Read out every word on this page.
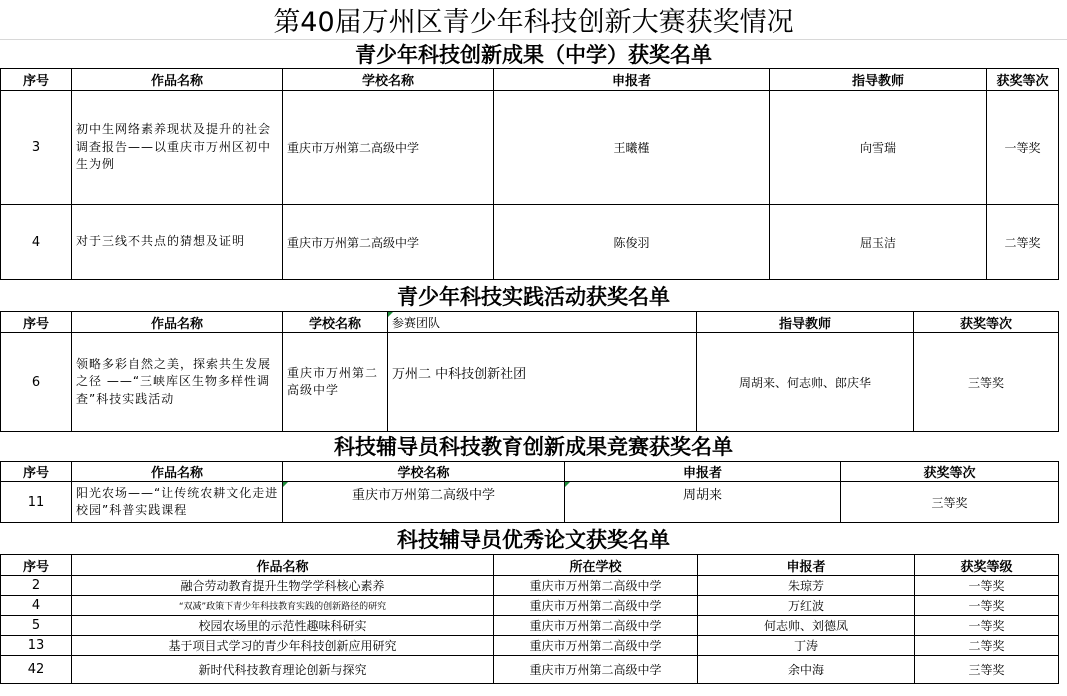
第40届万州区青少年科技创新大赛获奖情况
青少年科技创新成果（中学）获奖名单
序号	作品名称	学校名称	申报者	指导教师	获奖等次
3	初中生网络素养现状及提升的社会调查报告——以重庆市万州区初中生为例	重庆市万州第二高级中学	王曦槿	向雪瑞	一等奖
4	对于三线不共点的猜想及证明	重庆市万州第二高级中学	陈俊羽	屈玉洁	二等奖
青少年科技实践活动获奖名单
序号	作品名称	学校名称	参赛团队	指导教师	获奖等次
6	领略多彩自然之美，探索共生发展之径 ——“三峡库区生物多样性调查”科技实践活动	重庆市万州第二高级中学	万州二 中科技创新社团	周胡来、何志帅、郎庆华	三等奖
科技辅导员科技教育创新成果竞赛获奖名单
序号	作品名称	学校名称	申报者	获奖等次
11	阳光农场——“让传统农耕文化走进校园”科普实践课程	重庆市万州第二高级中学	周胡来	三等奖
科技辅导员优秀论文获奖名单
序号	作品名称	所在学校	申报者	获奖等级
2	融合劳动教育提升生物学学科核心素养	重庆市万州第二高级中学	朱琼芳	一等奖
4	“双减”政策下青少年科技教育实践的创新路径的研究	重庆市万州第二高级中学	万红波	一等奖
5	校园农场里的示范性趣味科研实	重庆市万州第二高级中学	何志帅、刘德凤	一等奖
13	基于项目式学习的青少年科技创新应用研究	重庆市万州第二高级中学	丁涛	二等奖
42	新时代科技教育理论创新与探究	重庆市万州第二高级中学	余中海	三等奖
